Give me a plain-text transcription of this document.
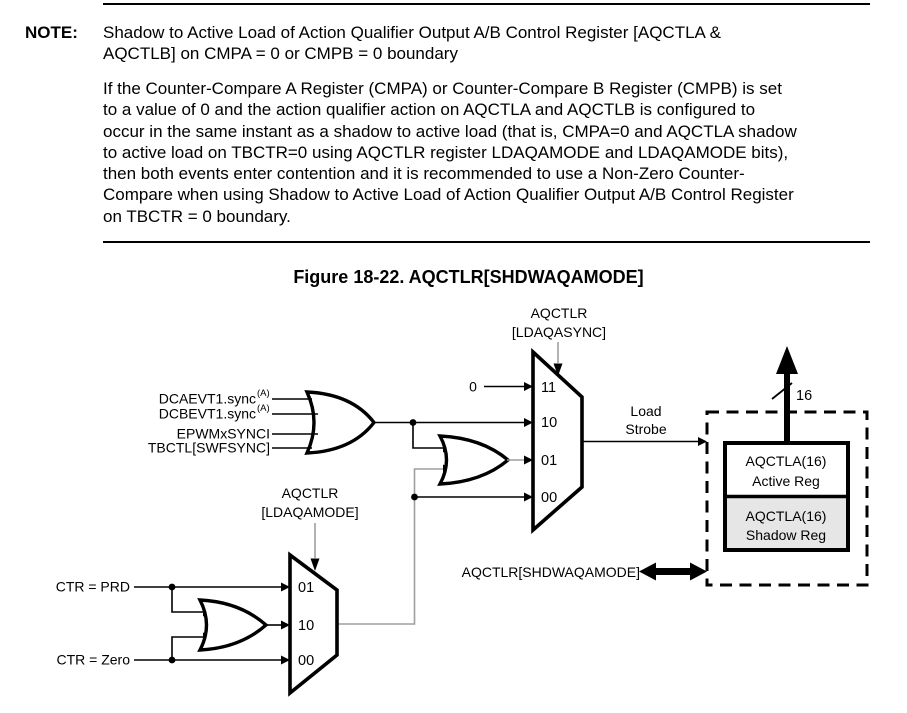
NOTE: Shadow to Active Load of Action Qualifier Output A/B Control Register [AQCTLA &
AQCTLB] on CMPA = 0 or CMPB = 0 boundary
If the Counter-Compare A Register (CMPA) or Counter-Compare B Register (CMPB) is set
to a value of 0 and the action qualifier action on AQCTLA and AQCTLB is configured to
occur in the same instant as a shadow to active load (that is, CMPA=0 and AQCTLA shadow
to active load on TBCTR=0 using AQCTLR register LDAQAMODE and LDAQAMODE bits),
then both events enter contention and it is recommended to use a Non-Zero Counter-
Compare when using Shadow to Active Load of Action Qualifier Output A/B Control Register
on TBCTR = 0 boundary.
Figure 18-22. AQCTLR[SHDWAQAMODE]
DCAEVT1.sync (A)
DCBEVT1.sync (A)
EPWMxSYNCI
TBCTL[SWFSYNC]
0	11
10
01
00
AQCTLR
[LDAQASYNC]
Load
Strobe
16
AQCTLA(16)
Active Reg
AQCTLA(16)
Shadow Reg
AQCTLR[SHDWAQAMODE]
CTR = PRD
CTR = Zero
01
10
00
AQCTLR
[LDAQAMODE]
